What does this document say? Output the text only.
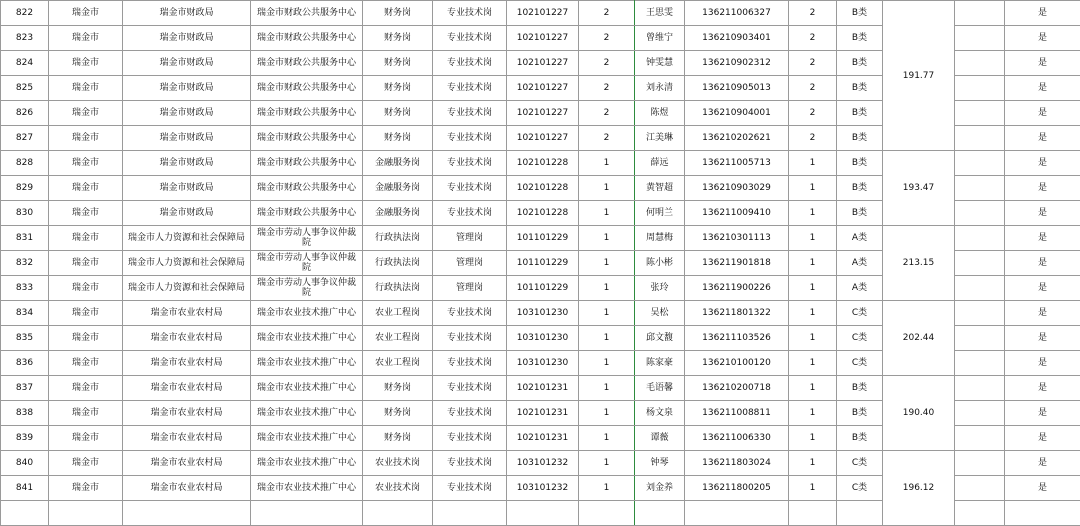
822	瑞金市	瑞金市财政局	瑞金市财政公共服务中心	财务岗	专业技术岗	102101227	2	王思雯	136211006327	2	B类	191.77		是
823	瑞金市	瑞金市财政局	瑞金市财政公共服务中心	财务岗	专业技术岗	102101227	2	曾维宁	136210903401	2	B类			是
824	瑞金市	瑞金市财政局	瑞金市财政公共服务中心	财务岗	专业技术岗	102101227	2	钟雯慧	136210902312	2	B类			是
825	瑞金市	瑞金市财政局	瑞金市财政公共服务中心	财务岗	专业技术岗	102101227	2	刘永清	136210905013	2	B类			是
826	瑞金市	瑞金市财政局	瑞金市财政公共服务中心	财务岗	专业技术岗	102101227	2	陈煜	136210904001	2	B类			是
827	瑞金市	瑞金市财政局	瑞金市财政公共服务中心	财务岗	专业技术岗	102101227	2	江美琳	136210202621	2	B类			是
828	瑞金市	瑞金市财政局	瑞金市财政公共服务中心	金融服务岗	专业技术岗	102101228	1	薛远	136211005713	1	B类	193.47		是
829	瑞金市	瑞金市财政局	瑞金市财政公共服务中心	金融服务岗	专业技术岗	102101228	1	黄智超	136210903029	1	B类			是
830	瑞金市	瑞金市财政局	瑞金市财政公共服务中心	金融服务岗	专业技术岗	102101228	1	何明兰	136211009410	1	B类			是
831	瑞金市	瑞金市人力资源和社会保障局	瑞金市劳动人事争议仲裁院	行政执法岗	管理岗	101101229	1	周慧梅	136210301113	1	A类	213.15		是
832	瑞金市	瑞金市人力资源和社会保障局	瑞金市劳动人事争议仲裁院	行政执法岗	管理岗	101101229	1	陈小彬	136211901818	1	A类			是
833	瑞金市	瑞金市人力资源和社会保障局	瑞金市劳动人事争议仲裁院	行政执法岗	管理岗	101101229	1	张玲	136211900226	1	A类			是
834	瑞金市	瑞金市农业农村局	瑞金市农业技术推广中心	农业工程岗	专业技术岗	103101230	1	吴松	136211801322	1	C类	202.44		是
835	瑞金市	瑞金市农业农村局	瑞金市农业技术推广中心	农业工程岗	专业技术岗	103101230	1	邱文馥	136211103526	1	C类			是
836	瑞金市	瑞金市农业农村局	瑞金市农业技术推广中心	农业工程岗	专业技术岗	103101230	1	陈家豪	136210100120	1	C类			是
837	瑞金市	瑞金市农业农村局	瑞金市农业技术推广中心	财务岗	专业技术岗	102101231	1	毛语馨	136210200718	1	B类	190.40		是
838	瑞金市	瑞金市农业农村局	瑞金市农业技术推广中心	财务岗	专业技术岗	102101231	1	杨文泉	136211008811	1	B类			是
839	瑞金市	瑞金市农业农村局	瑞金市农业技术推广中心	财务岗	专业技术岗	102101231	1	谭薇	136211006330	1	B类			是
840	瑞金市	瑞金市农业农村局	瑞金市农业技术推广中心	农业技术岗	专业技术岗	103101232	1	钟琴	136211803024	1	C类	196.12		是
841	瑞金市	瑞金市农业农村局	瑞金市农业技术推广中心	农业技术岗	专业技术岗	103101232	1	刘金养	136211800205	1	C类			是
